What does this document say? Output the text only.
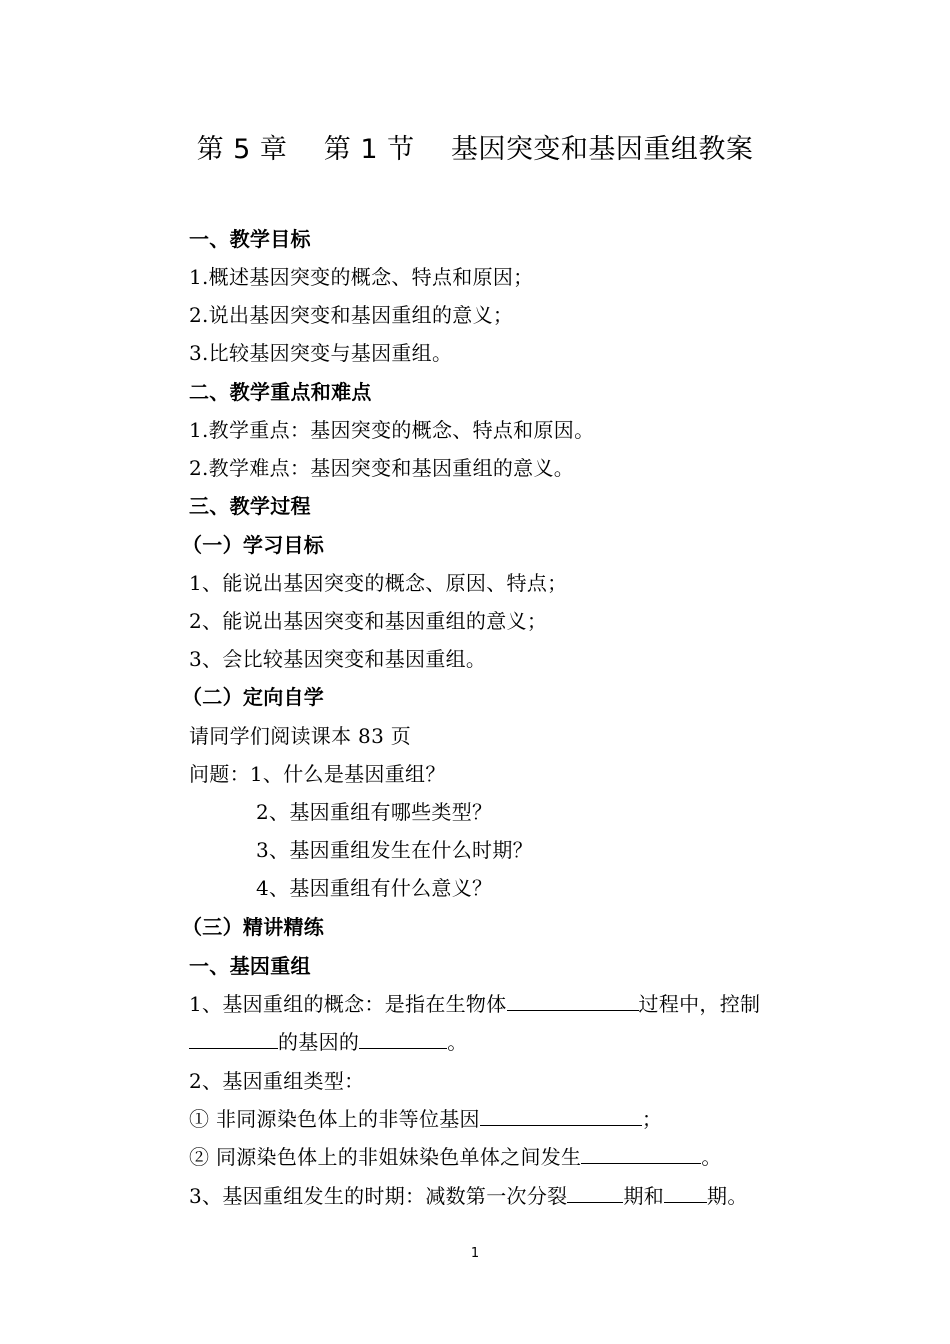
第 5 章    第 1 节    基因突变和基因重组教案
一、教学目标
1.概述基因突变的概念、特点和原因；
2.说出基因突变和基因重组的意义；
3.比较基因突变与基因重组。
二、教学重点和难点
1.教学重点：基因突变的概念、特点和原因。
2.教学难点：基因突变和基因重组的意义。
三、教学过程
（一）学习目标
1、能说出基因突变的概念、原因、特点；
2、能说出基因突变和基因重组的意义；
3、会比较基因突变和基因重组。
（二）定向自学
请同学们阅读课本 83 页
问题：1、什么是基因重组？
2、基因重组有哪些类型？
3、基因重组发生在什么时期？
4、基因重组有什么意义？
（三）精讲精练
一、基因重组
1、基因重组的概念：是指在生物体	过程中，控制
的基因的	。
2、基因重组类型：
① 非同源染色体上的非等位基因	；
② 同源染色体上的非姐妹染色单体之间发生	。
3、基因重组发生的时期：减数第一次分裂	期和 期。
1
